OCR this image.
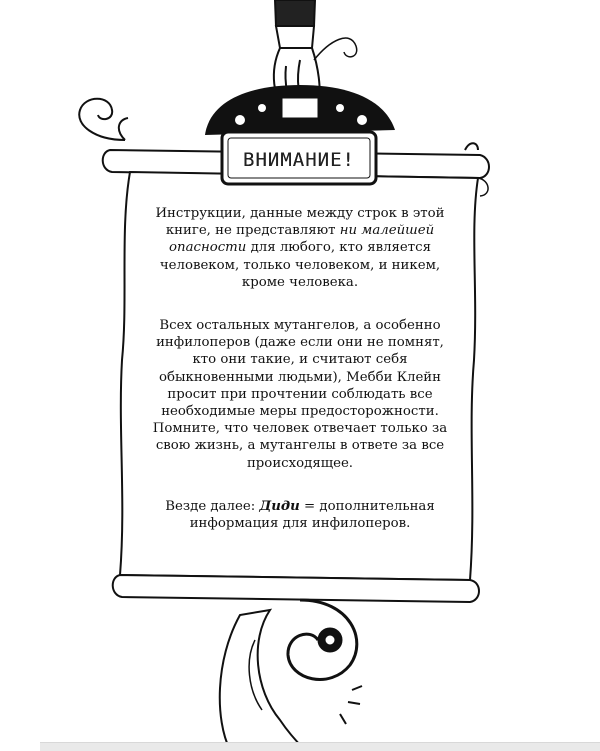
ВНИМАНИЕ!

Инструкции, данные между строк в этой книге, не представляют ни малейшей опасности для любого, кто является человеком, только человеком, и никем, кроме человека.

Всех остальных мутангелов, а особенно инфилоперов (даже если они не помнят, кто они такие, и считают себя обыкновенными людьми), Мебби Клейн просит при прочтении соблюдать все необходимые меры предосторожности. Помните, что человек отвечает только за свою жизнь, а мутангелы в ответе за все происходящее.

Везде далее: Диди = дополнительная информация для инфилоперов.
